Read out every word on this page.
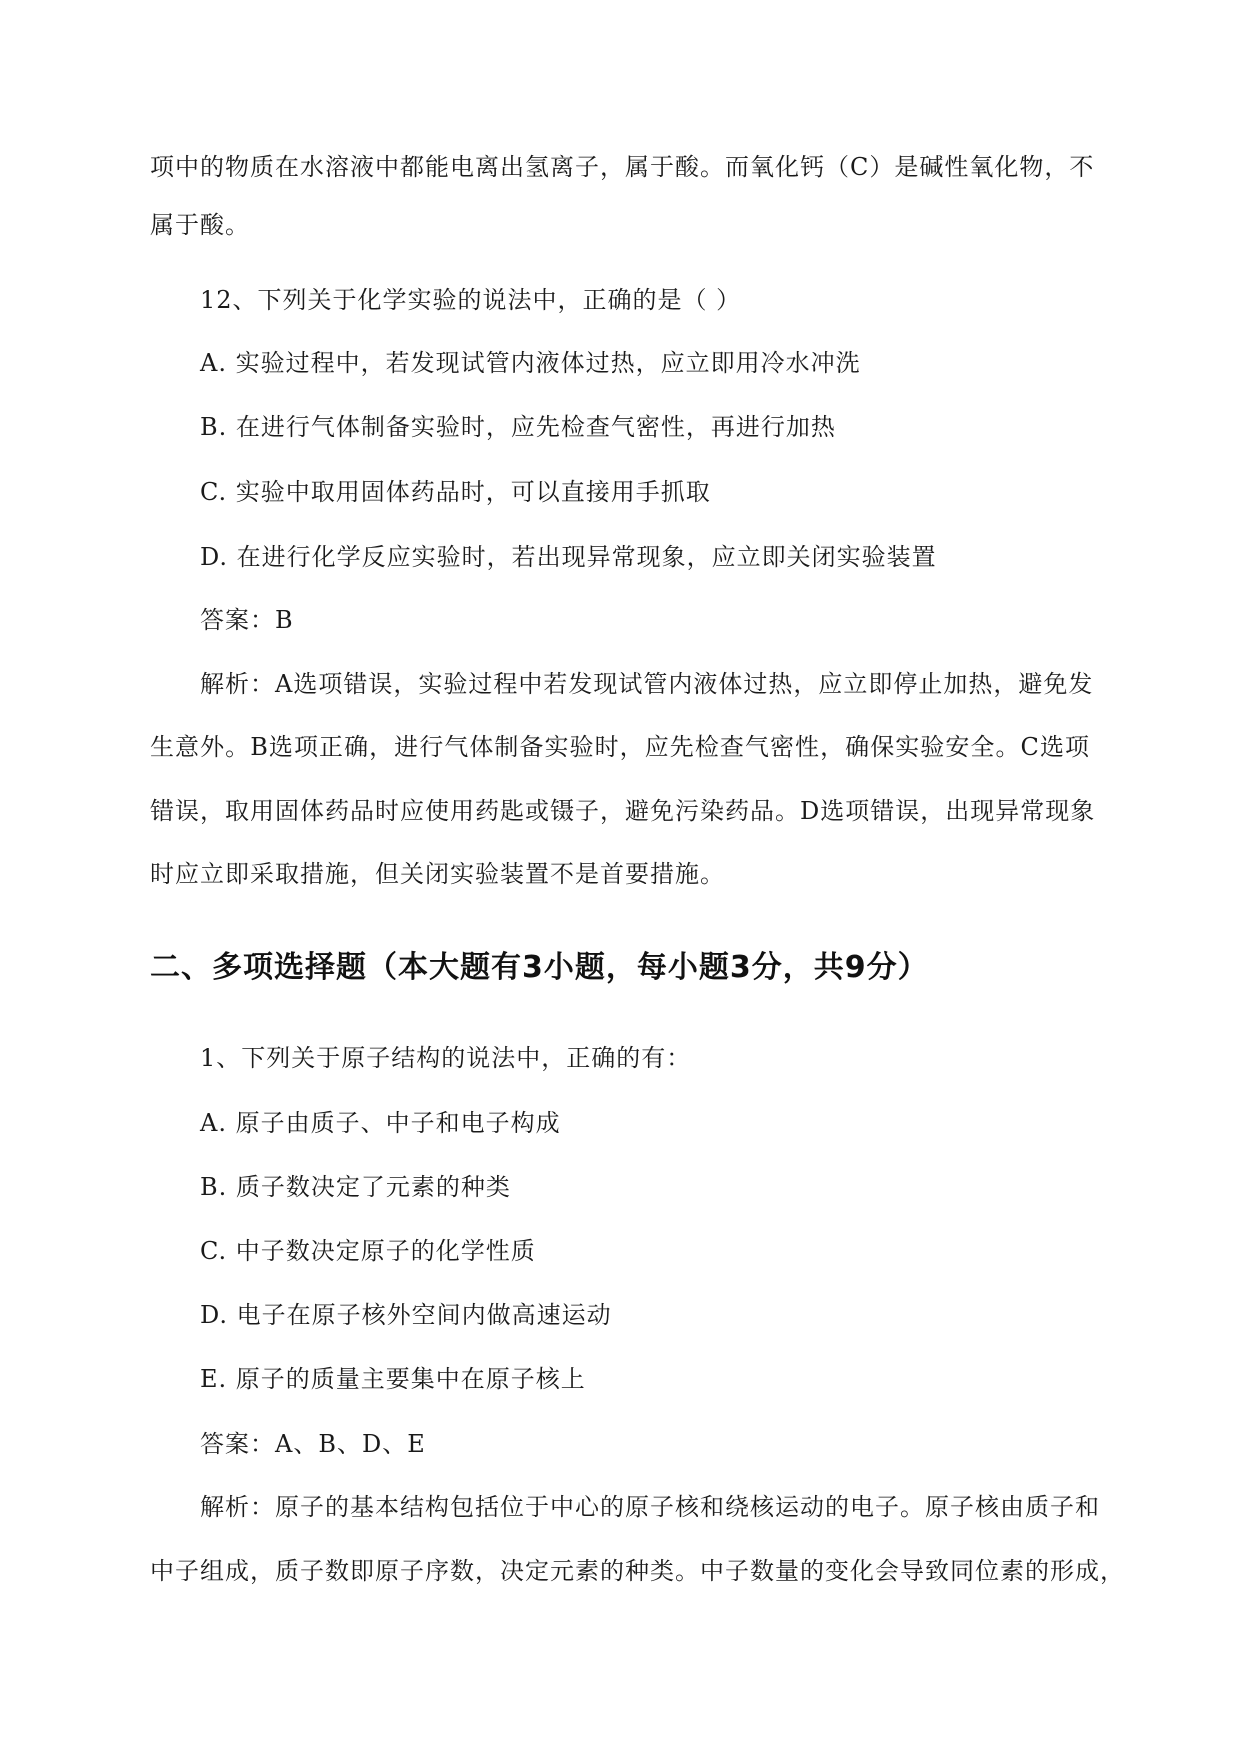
项中的物质在水溶液中都能电离出氢离子，属于酸。而氧化钙（C）是碱性氧化物，不
属于酸。
12、下列关于化学实验的说法中，正确的是（ ）
A. 实验过程中，若发现试管内液体过热，应立即用冷水冲洗
B. 在进行气体制备实验时，应先检查气密性，再进行加热
C. 实验中取用固体药品时，可以直接用手抓取
D. 在进行化学反应实验时，若出现异常现象，应立即关闭实验装置
答案：B
解析：A选项错误，实验过程中若发现试管内液体过热，应立即停止加热，避免发
生意外。B选项正确，进行气体制备实验时，应先检查气密性，确保实验安全。C选项
错误，取用固体药品时应使用药匙或镊子，避免污染药品。D选项错误，出现异常现象
时应立即采取措施，但关闭实验装置不是首要措施。
二、多项选择题（本大题有3小题，每小题3分，共9分）
1、下列关于原子结构的说法中，正确的有：
A. 原子由质子、中子和电子构成
B. 质子数决定了元素的种类
C. 中子数决定原子的化学性质
D. 电子在原子核外空间内做高速运动
E. 原子的质量主要集中在原子核上
答案：A、B、D、E
解析：原子的基本结构包括位于中心的原子核和绕核运动的电子。原子核由质子和
中子组成，质子数即原子序数，决定元素的种类。中子数量的变化会导致同位素的形成，
